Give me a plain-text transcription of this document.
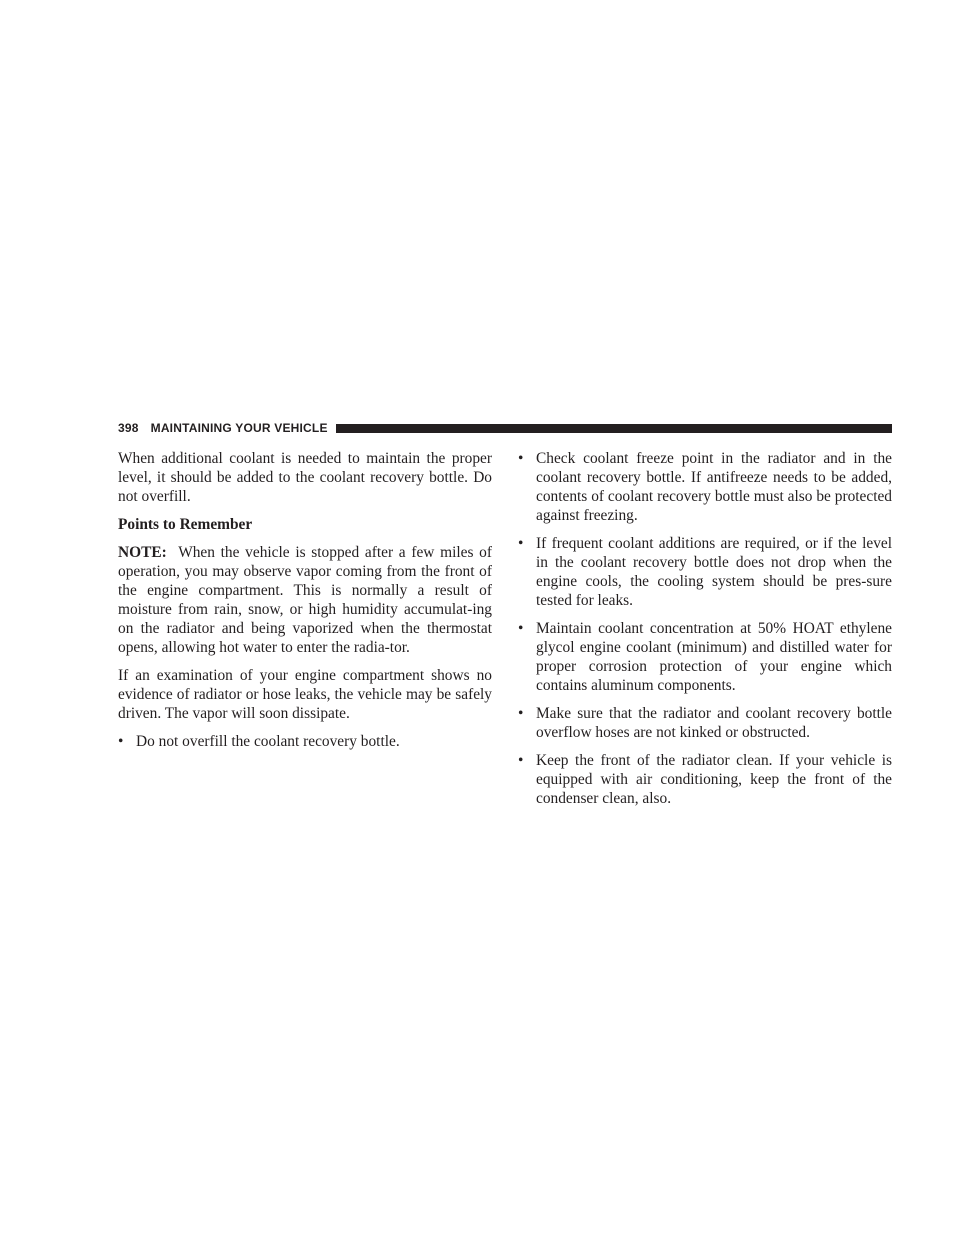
398 MAINTAINING YOUR VEHICLE

When additional coolant is needed to maintain the proper level, it should be added to the coolant recovery bottle. Do not overfill.

Points to Remember

NOTE: When the vehicle is stopped after a few miles of operation, you may observe vapor coming from the front of the engine compartment. This is normally a result of moisture from rain, snow, or high humidity accumulat-ing on the radiator and being vaporized when the thermostat opens, allowing hot water to enter the radia-tor.

If an examination of your engine compartment shows no evidence of radiator or hose leaks, the vehicle may be safely driven. The vapor will soon dissipate.

• Do not overfill the coolant recovery bottle.
• Check coolant freeze point in the radiator and in the coolant recovery bottle. If antifreeze needs to be added, contents of coolant recovery bottle must also be protected against freezing.
• If frequent coolant additions are required, or if the level in the coolant recovery bottle does not drop when the engine cools, the cooling system should be pres-sure tested for leaks.
• Maintain coolant concentration at 50% HOAT ethylene glycol engine coolant (minimum) and distilled water for proper corrosion protection of your engine which contains aluminum components.
• Make sure that the radiator and coolant recovery bottle overflow hoses are not kinked or obstructed.
• Keep the front of the radiator clean. If your vehicle is equipped with air conditioning, keep the front of the condenser clean, also.
